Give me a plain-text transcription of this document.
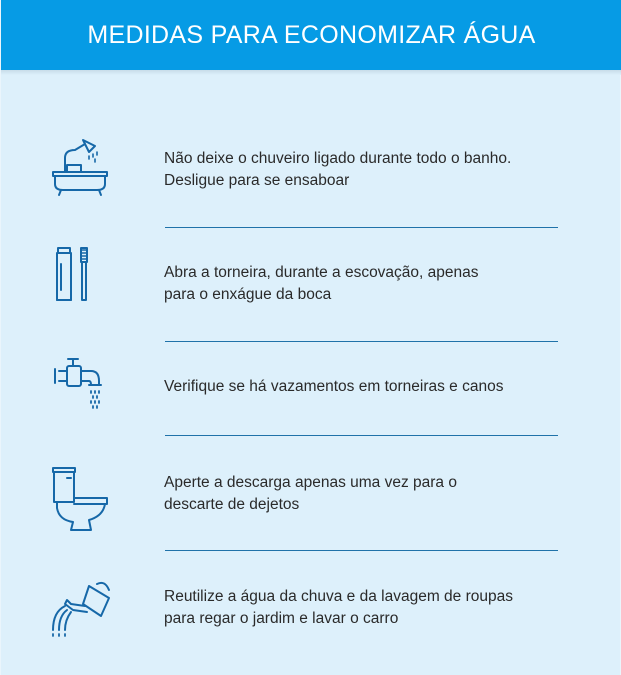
MEDIDAS PARA ECONOMIZAR ÁGUA
Não deixe o chuveiro ligado durante todo o banho.
Desligue para se ensaboar
Abra a torneira, durante a escovação, apenas
para o enxágue da boca
Verifique se há vazamentos em torneiras e canos
Aperte a descarga apenas uma vez para o
descarte de dejetos
Reutilize a água da chuva e da lavagem de roupas
para regar o jardim e lavar o carro
